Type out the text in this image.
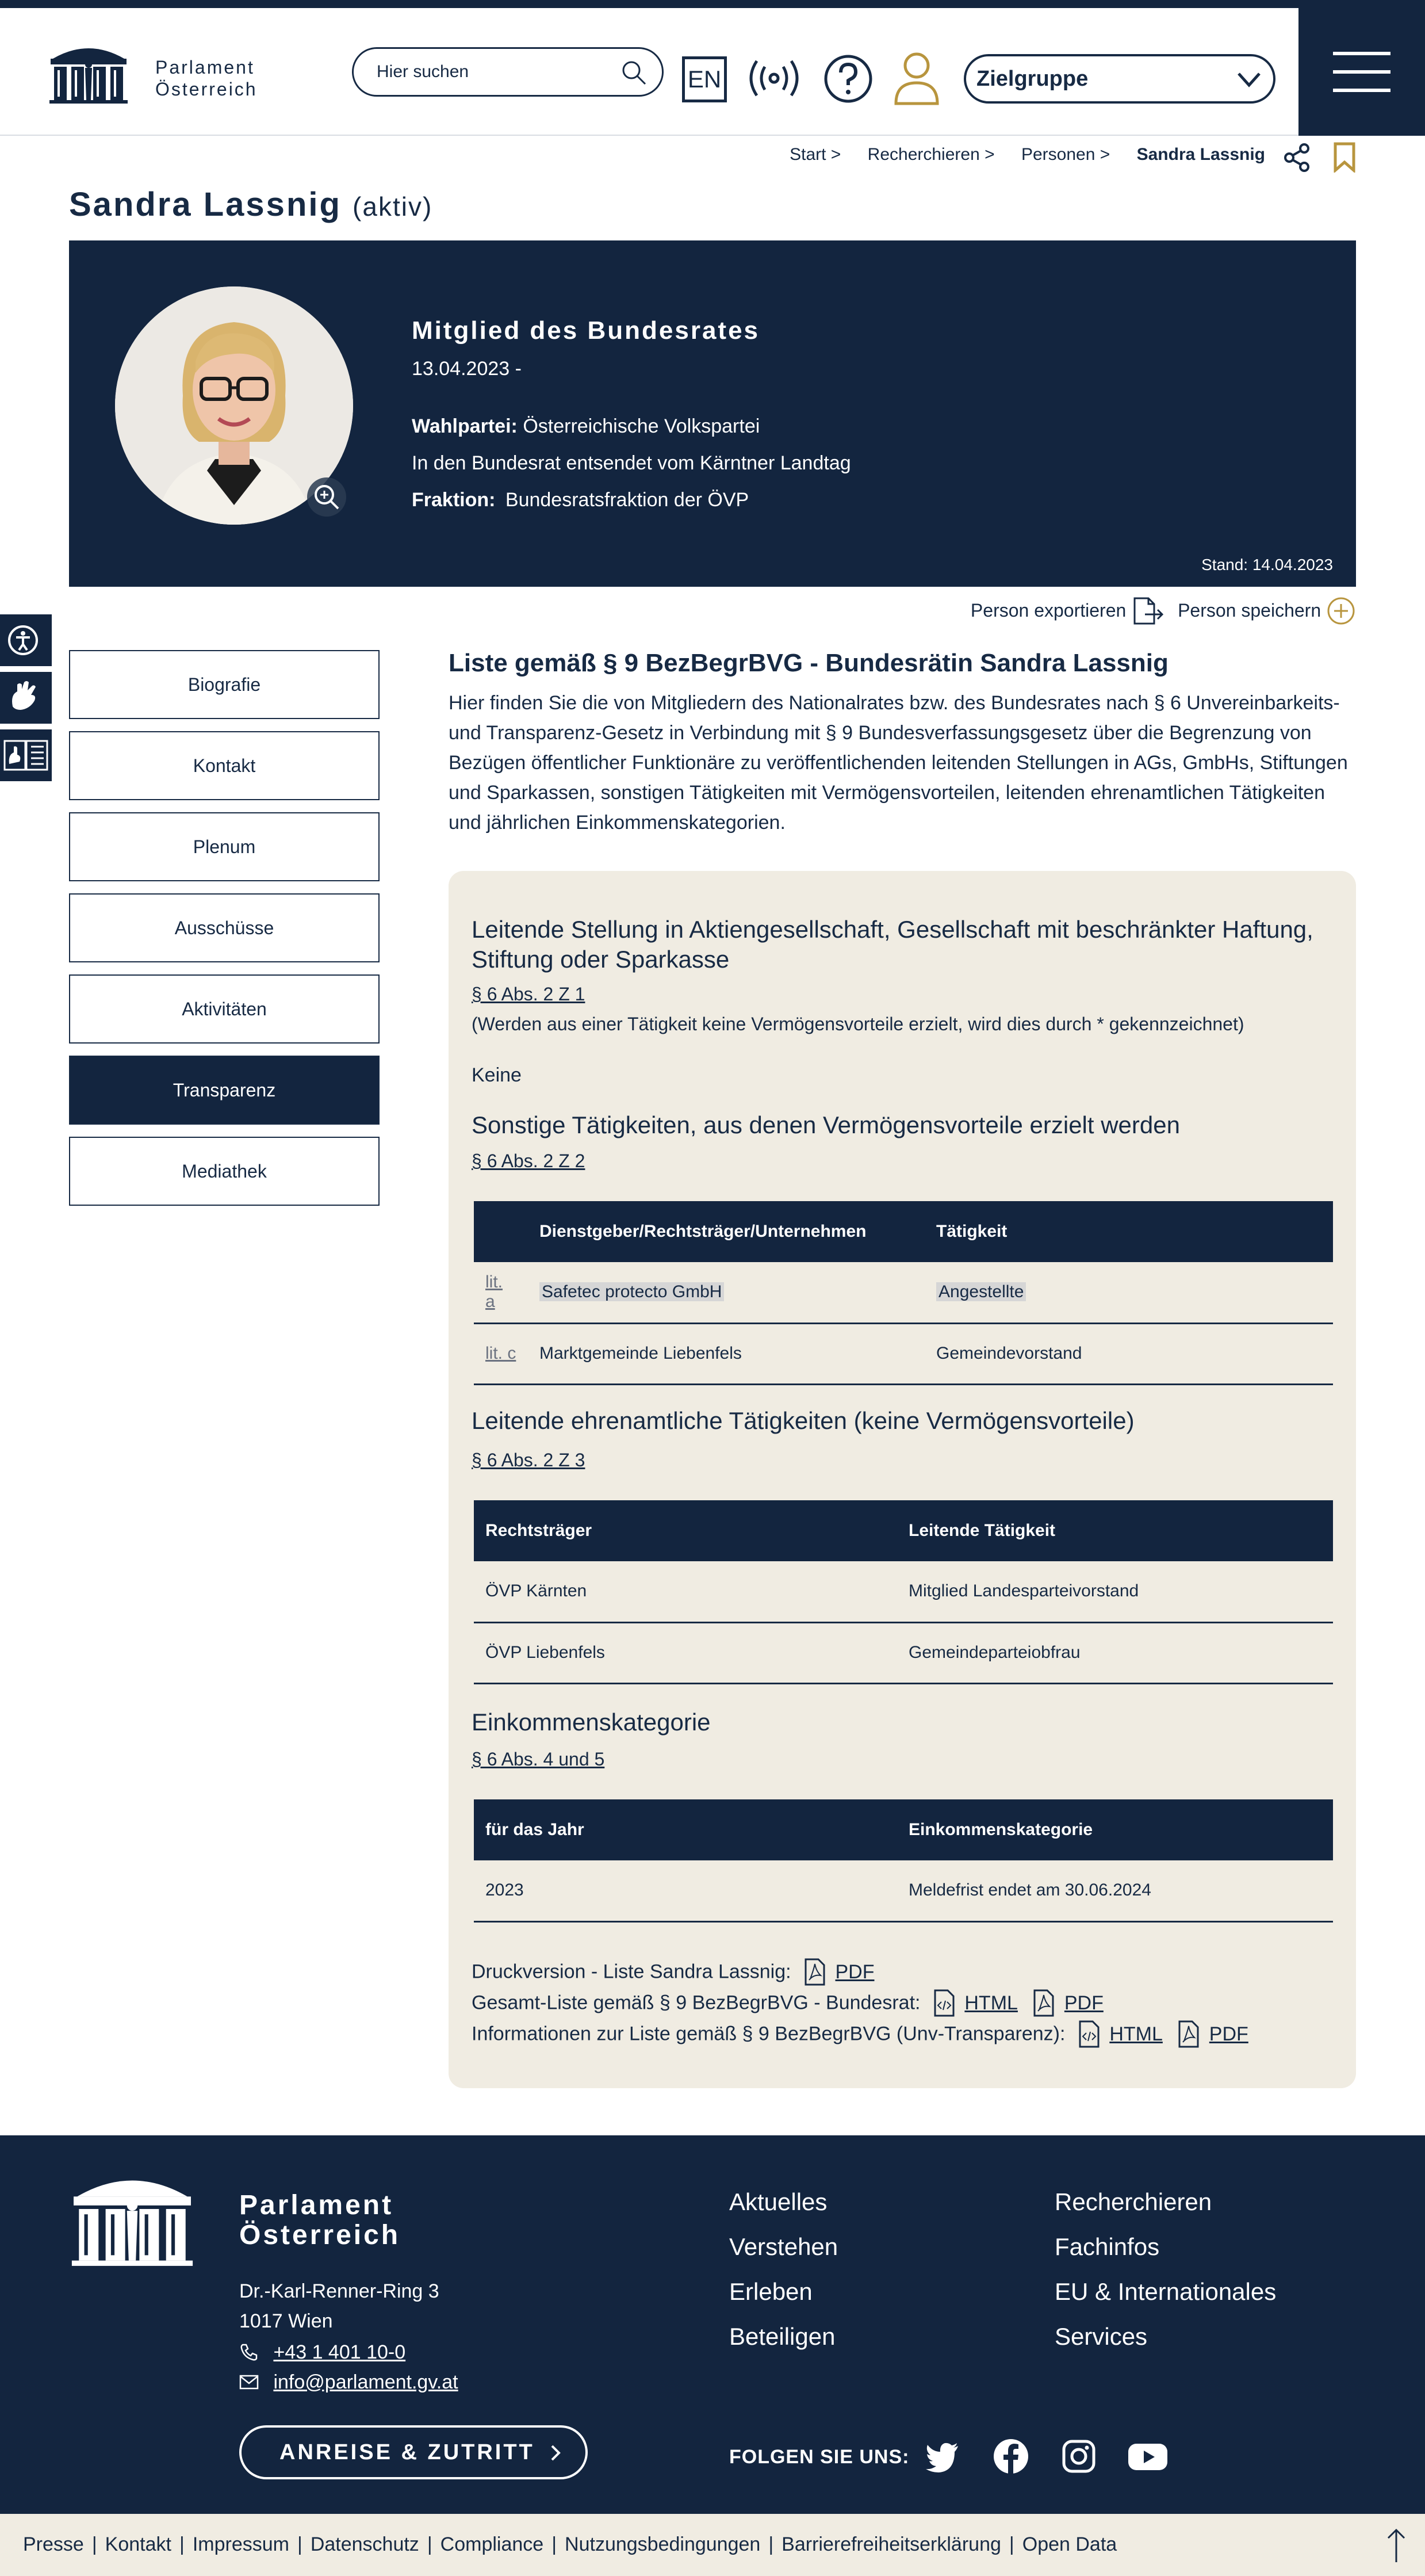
Parlament
Österreich
Hier suchen	EN	Zielgruppe
Start > Recherchieren > Personen > Sandra Lassnig
Sandra Lassnig (aktiv)
Mitglied des Bundesrates
13.04.2023 -
Wahlpartei: Österreichische Volkspartei
In den Bundesrat entsendet vom Kärntner Landtag
Fraktion: Bundesratsfraktion der ÖVP
Stand: 14.04.2023
Person exportieren	Person speichern
Biografie
Kontakt
Plenum
Ausschüsse
Aktivitäten
Transparenz
Mediathek
Liste gemäß § 9 BezBegrBVG - Bundesrätin Sandra Lassnig
Hier finden Sie die von Mitgliedern des Nationalrates bzw. des Bundesrates nach § 6 Unvereinbarkeits- und Transparenz-Gesetz in Verbindung mit § 9 Bundesverfassungsgesetz über die Begrenzung von Bezügen öffentlicher Funktionäre zu veröffentlichenden leitenden Stellungen in AGs, GmbHs, Stiftungen und Sparkassen, sonstigen Tätigkeiten mit Vermögensvorteilen, leitenden ehrenamtlichen Tätigkeiten und jährlichen Einkommenskategorien.
Leitende Stellung in Aktiengesellschaft, Gesellschaft mit beschränkter Haftung, Stiftung oder Sparkasse
§ 6 Abs. 2 Z 1
(Werden aus einer Tätigkeit keine Vermögensvorteile erzielt, wird dies durch * gekennzeichnet)
Keine
Sonstige Tätigkeiten, aus denen Vermögensvorteile erzielt werden
§ 6 Abs. 2 Z 2
	Dienstgeber/Rechtsträger/Unternehmen	Tätigkeit
lit. a	Safetec protecto GmbH	Angestellte
lit. c	Marktgemeinde Liebenfels	Gemeindevorstand
Leitende ehrenamtliche Tätigkeiten (keine Vermögensvorteile)
§ 6 Abs. 2 Z 3
Rechtsträger	Leitende Tätigkeit
ÖVP Kärnten	Mitglied Landesparteivorstand
ÖVP Liebenfels	Gemeindeparteiobfrau
Einkommenskategorie
§ 6 Abs. 4 und 5
für das Jahr	Einkommenskategorie
2023	Meldefrist endet am 30.06.2024
Druckversion - Liste Sandra Lassnig: PDF
Gesamt-Liste gemäß § 9 BezBegrBVG - Bundesrat: HTML PDF
Informationen zur Liste gemäß § 9 BezBegrBVG (Unv-Transparenz): HTML PDF
Parlament
Österreich
Dr.-Karl-Renner-Ring 3
1017 Wien
+43 1 401 10-0
info@parlament.gv.at
ANREISE & ZUTRITT
Aktuelles
Verstehen
Erleben
Beteiligen
Recherchieren
Fachinfos
EU & Internationales
Services
FOLGEN SIE UNS:
Presse | Kontakt | Impressum | Datenschutz | Compliance | Nutzungsbedingungen | Barrierefreiheitserklärung | Open Data
